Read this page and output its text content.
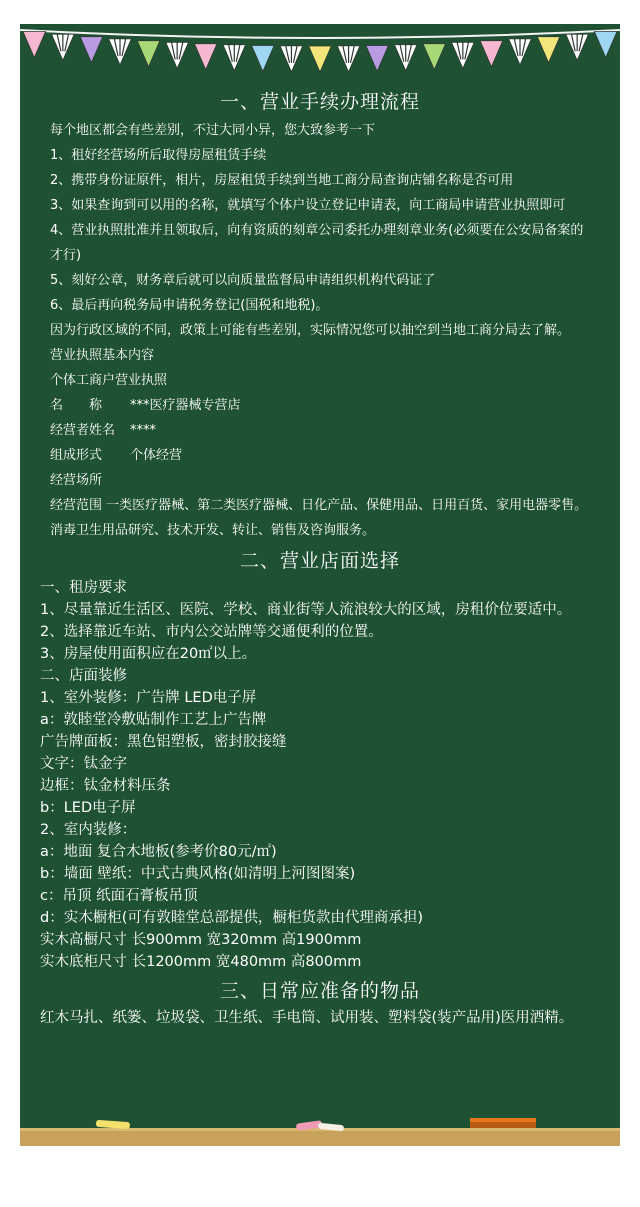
一、营业手续办理流程

每个地区都会有些差别，不过大同小异，您大致参考一下

1、租好经营场所后取得房屋租赁手续

2、携带身份证原件，相片，房屋租赁手续到当地工商分局查询店铺名称是否可用

3、如果查询到可以用的名称，就填写个体户设立登记申请表，向工商局申请营业执照即可

4、营业执照批准并且领取后，向有资质的刻章公司委托办理刻章业务(必须要在公安局备案的才行)

5、刻好公章，财务章后就可以向质量监督局申请组织机构代码证了

6、最后再向税务局申请税务登记(国税和地税)。

因为行政区域的不同，政策上可能有些差别，实际情况您可以抽空到当地工商分局去了解。

营业执照基本内容

个体工商户营业执照

名　　称	***医疗器械专营店
经营者姓名	****
组成形式	个体经营
经营场所

经营范围 一类医疗器械、第二类医疗器械、日化产品、保健用品、日用百货、家用电器零售。消毒卫生用品研究、技术开发、转让、销售及咨询服务。

二、营业店面选择

一、租房要求

1、尽量靠近生活区、医院、学校、商业街等人流浪较大的区域，房租价位要适中。

2、选择靠近车站、市内公交站牌等交通便利的位置。

3、房屋使用面积应在20㎡以上。

二、店面装修

1、室外装修：广告牌 LED电子屏

a：敦睦堂冷敷贴制作工艺上广告牌

广告牌面板：黑色铝塑板，密封胶接缝

文字：钛金字

边框：钛金材料压条

b：LED电子屏

2、室内装修：

a：地面 复合木地板(参考价80元/㎡)

b：墙面 壁纸：中式古典风格(如清明上河图图案)

c：吊顶 纸面石膏板吊顶

d：实木橱柜(可有敦睦堂总部提供，橱柜货款由代理商承担)

实木高橱尺寸 长900mm 宽320mm 高1900mm

实木底柜尺寸 长1200mm 宽480mm 高800mm

三、日常应准备的物品

红木马扎、纸篓、垃圾袋、卫生纸、手电筒、试用装、塑料袋(装产品用)医用酒精。
